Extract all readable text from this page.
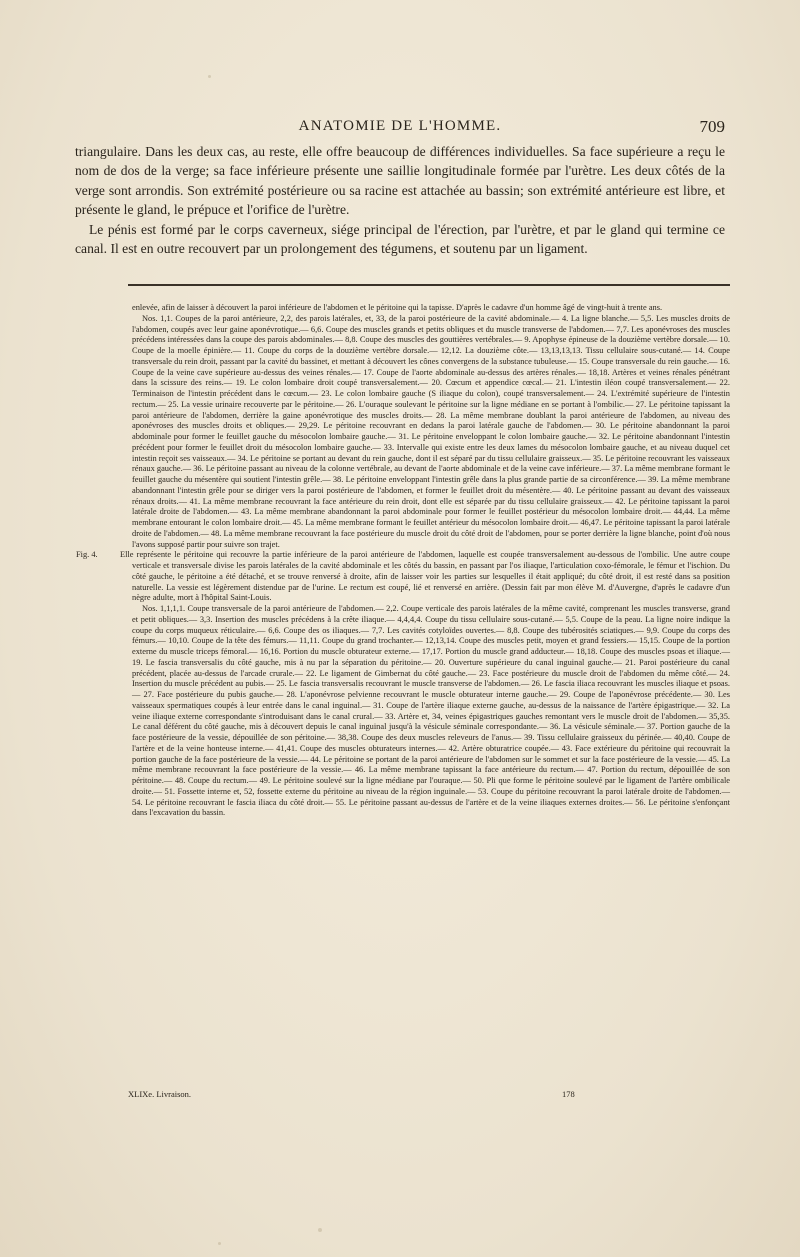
ANATOMIE DE L'HOMME.	709

triangulaire. Dans les deux cas, au reste, elle offre beaucoup de différences individuelles. Sa face supérieure a reçu le nom de dos de la verge; sa face inférieure présente une saillie longitudinale formée par l'urètre. Les deux côtés de la verge sont arrondis. Son extrémité postérieure ou sa racine est attachée au bassin; son extrémité antérieure est libre, et présente le gland, le prépuce et l'orifice de l'urètre.

Le pénis est formé par le corps caverneux, siége principal de l'érection, par l'urètre, et par le gland qui termine ce canal. Il est en outre recouvert par un prolongement des tégumens, et soutenu par un ligament.

enlevée, afin de laisser à découvert la paroi inférieure de l'abdomen et le péritoine qui la tapisse. D'après le cadavre d'un homme âgé de vingt-huit à trente ans.

Nos. 1,1. Coupes de la paroi antérieure, 2,2, des parois latérales, et, 33, de la paroi postérieure de la cavité abdominale.— 4. La ligne blanche.— 5,5. Les muscles droits de l'abdomen, coupés avec leur gaine aponévrotique.— 6,6. Coupe des muscles grands et petits obliques et du muscle transverse de l'abdomen.— 7,7. Les aponévroses des muscles précédens intéressées dans la coupe des parois abdominales.— 8,8. Coupe des muscles des gouttières vertébrales.— 9. Apophyse épineuse de la douzième vertèbre dorsale.— 10. Coupe de la moelle épinière.— 11. Coupe du corps de la douzième vertèbre dorsale.— 12,12. La douzième côte.— 13,13,13,13. Tissu cellulaire sous-cutané.— 14. Coupe transversale du rein droit, passant par la cavité du bassinet, et mettant à découvert les cônes convergens de la substance tubuleuse.— 15. Coupe transversale du rein gauche.— 16. Coupe de la veine cave supérieure au-dessus des veines rénales.— 17. Coupe de l'aorte abdominale au-dessus des artères rénales.— 18,18. Artères et veines rénales pénétrant dans la scissure des reins.— 19. Le colon lombaire droit coupé transversalement.— 20. Cœcum et appendice cœcal.— 21. L'intestin iléon coupé transversalement.— 22. Terminaison de l'intestin précédent dans le cœcum.— 23. Le colon lombaire gauche (S iliaque du colon), coupé transversalement.— 24. L'extrémité supérieure de l'intestin rectum.— 25. La vessie urinaire recouverte par le péritoine.— 26. L'ouraque soulevant le péritoine sur la ligne médiane en se portant à l'ombilic.— 27. Le péritoine tapissant la paroi antérieure de l'abdomen, derrière la gaine aponévrotique des muscles droits.— 28. La même membrane doublant la paroi antérieure de l'abdomen, au niveau des aponévroses des muscles droits et obliques.— 29,29. Le péritoine recouvrant en dedans la paroi latérale gauche de l'abdomen.— 30. Le péritoine abandonnant la paroi abdominale pour former le feuillet gauche du mésocolon lombaire gauche.— 31. Le péritoine enveloppant le colon lombaire gauche.— 32. Le péritoine abandonnant l'intestin précédent pour former le feuillet droit du mésocolon lombaire gauche.— 33. Intervalle qui existe entre les deux lames du mésocolon lombaire gauche, et au niveau duquel cet intestin reçoit ses vaisseaux.— 34. Le péritoine se portant au devant du rein gauche, dont il est séparé par du tissu cellulaire graisseux.— 35. Le péritoine recouvrant les vaisseaux rénaux gauche.— 36. Le péritoine passant au niveau de la colonne vertébrale, au devant de l'aorte abdominale et de la veine cave inférieure.— 37. La même membrane formant le feuillet gauche du mésentère qui soutient l'intestin grêle.— 38. Le péritoine enveloppant l'intestin grêle dans la plus grande partie de sa circonférence.— 39. La même membrane abandonnant l'intestin grêle pour se diriger vers la paroi postérieure de l'abdomen, et former le feuillet droit du mésentère.— 40. Le péritoine passant au devant des vaisseaux rénaux droits.— 41. La même membrane recouvrant la face antérieure du rein droit, dont elle est séparée par du tissu cellulaire graisseux.— 42. Le péritoine tapissant la paroi latérale droite de l'abdomen.— 43. La même membrane abandonnant la paroi abdominale pour former le feuillet postérieur du mésocolon lombaire droit.— 44,44. La même membrane entourant le colon lombaire droit.— 45. La même membrane formant le feuillet antérieur du mésocolon lombaire droit.— 46,47. Le péritoine tapissant la paroi latérale droite de l'abdomen.— 48. La même membrane recouvrant la face postérieure du muscle droit du côté droit de l'abdomen, pour se porter derrière la ligne blanche, point d'où nous l'avons supposé partir pour suivre son trajet.

Fig. 4.	Elle représente le péritoine qui recouvre la partie inférieure de la paroi antérieure de l'abdomen, laquelle est coupée transversalement au-dessous de l'ombilic. Une autre coupe verticale et transversale divise les parois latérales de la cavité abdominale et les côtés du bassin, en passant par l'os iliaque, l'articulation coxo-fémorale, le fémur et l'ischion. Du côté gauche, le péritoine a été détaché, et se trouve renversé à droite, afin de laisser voir les parties sur lesquelles il était appliqué; du côté droit, il est resté dans sa position naturelle. La vessie est légèrement distendue par de l'urine. Le rectum est coupé, lié et renversé en arrière. (Dessin fait par mon élève M. d'Auvergne, d'après le cadavre d'un nègre adulte, mort à l'hôpital Saint-Louis.

Nos. 1,1,1,1. Coupe transversale de la paroi antérieure de l'abdomen.— 2,2. Coupe verticale des parois latérales de la même cavité, comprenant les muscles transverse, grand et petit obliques.— 3,3. Insertion des muscles précédens à la crête iliaque.— 4,4,4,4. Coupe du tissu cellulaire sous-cutané.— 5,5. Coupe de la peau. La ligne noire indique la coupe du corps muqueux réticulaire.— 6,6. Coupe des os iliaques.— 7,7. Les cavités cotyloïdes ouvertes.— 8,8. Coupe des tubérosités sciatiques.— 9,9. Coupe du corps des fémurs.— 10,10. Coupe de la tête des fémurs.— 11,11. Coupe du grand trochanter.— 12,13,14. Coupe des muscles petit, moyen et grand fessiers.— 15,15. Coupe de la portion externe du muscle triceps fémoral.— 16,16. Portion du muscle obturateur externe.— 17,17. Portion du muscle grand adducteur.— 18,18. Coupe des muscles psoas et iliaque.— 19. Le fascia transversalis du côté gauche, mis à nu par la séparation du péritoine.— 20. Ouverture supérieure du canal inguinal gauche.— 21. Paroi postérieure du canal précédent, placée au-dessus de l'arcade crurale.— 22. Le ligament de Gimbernat du côté gauche.— 23. Face postérieure du muscle droit de l'abdomen du même côté.— 24. Insertion du muscle précédent au pubis.— 25. Le fascia transversalis recouvrant le muscle transverse de l'abdomen.— 26. Le fascia iliaca recouvrant les muscles iliaque et psoas.— 27. Face postérieure du pubis gauche.— 28. L'aponévrose pelvienne recouvrant le muscle obturateur interne gauche.— 29. Coupe de l'aponévrose précédente.— 30. Les vaisseaux spermatiques coupés à leur entrée dans le canal inguinal.— 31. Coupe de l'artère iliaque externe gauche, au-dessus de la naissance de l'artère épigastrique.— 32. La veine iliaque externe correspondante s'introduisant dans le canal crural.— 33. Artère et, 34, veines épigastriques gauches remontant vers le muscle droit de l'abdomen.— 35,35. Le canal déférent du côté gauche, mis à découvert depuis le canal inguinal jusqu'à la vésicule séminale correspondante.— 36. La vésicule séminale.— 37. Portion gauche de la face postérieure de la vessie, dépouillée de son péritoine.— 38,38. Coupe des deux muscles releveurs de l'anus.— 39. Tissu cellulaire graisseux du périnée.— 40,40. Coupe de l'artère et de la veine honteuse interne.— 41,41. Coupe des muscles obturateurs internes.— 42. Artère obturatrice coupée.— 43. Face extérieure du péritoine qui recouvrait la portion gauche de la face postérieure de la vessie.— 44. Le péritoine se portant de la paroi antérieure de l'abdomen sur le sommet et sur la face postérieure de la vessie.— 45. La même membrane recouvrant la face postérieure de la vessie.— 46. La même membrane tapissant la face antérieure du rectum.— 47. Portion du rectum, dépouillée de son péritoine.— 48. Coupe du rectum.— 49. Le péritoine soulevé sur la ligne médiane par l'ouraque.— 50. Pli que forme le péritoine soulevé par le ligament de l'artère ombilicale droite.— 51. Fossette interne et, 52, fossette externe du péritoine au niveau de la région inguinale.— 53. Coupe du péritoine recouvrant la paroi latérale droite de l'abdomen.— 54. Le péritoine recouvrant le fascia iliaca du côté droit.— 55. Le péritoine passant au-dessus de l'artère et de la veine iliaques externes droites.— 56. Le péritoine s'enfonçant dans l'excavation du bassin.

XLIXe. Livraison.	178
